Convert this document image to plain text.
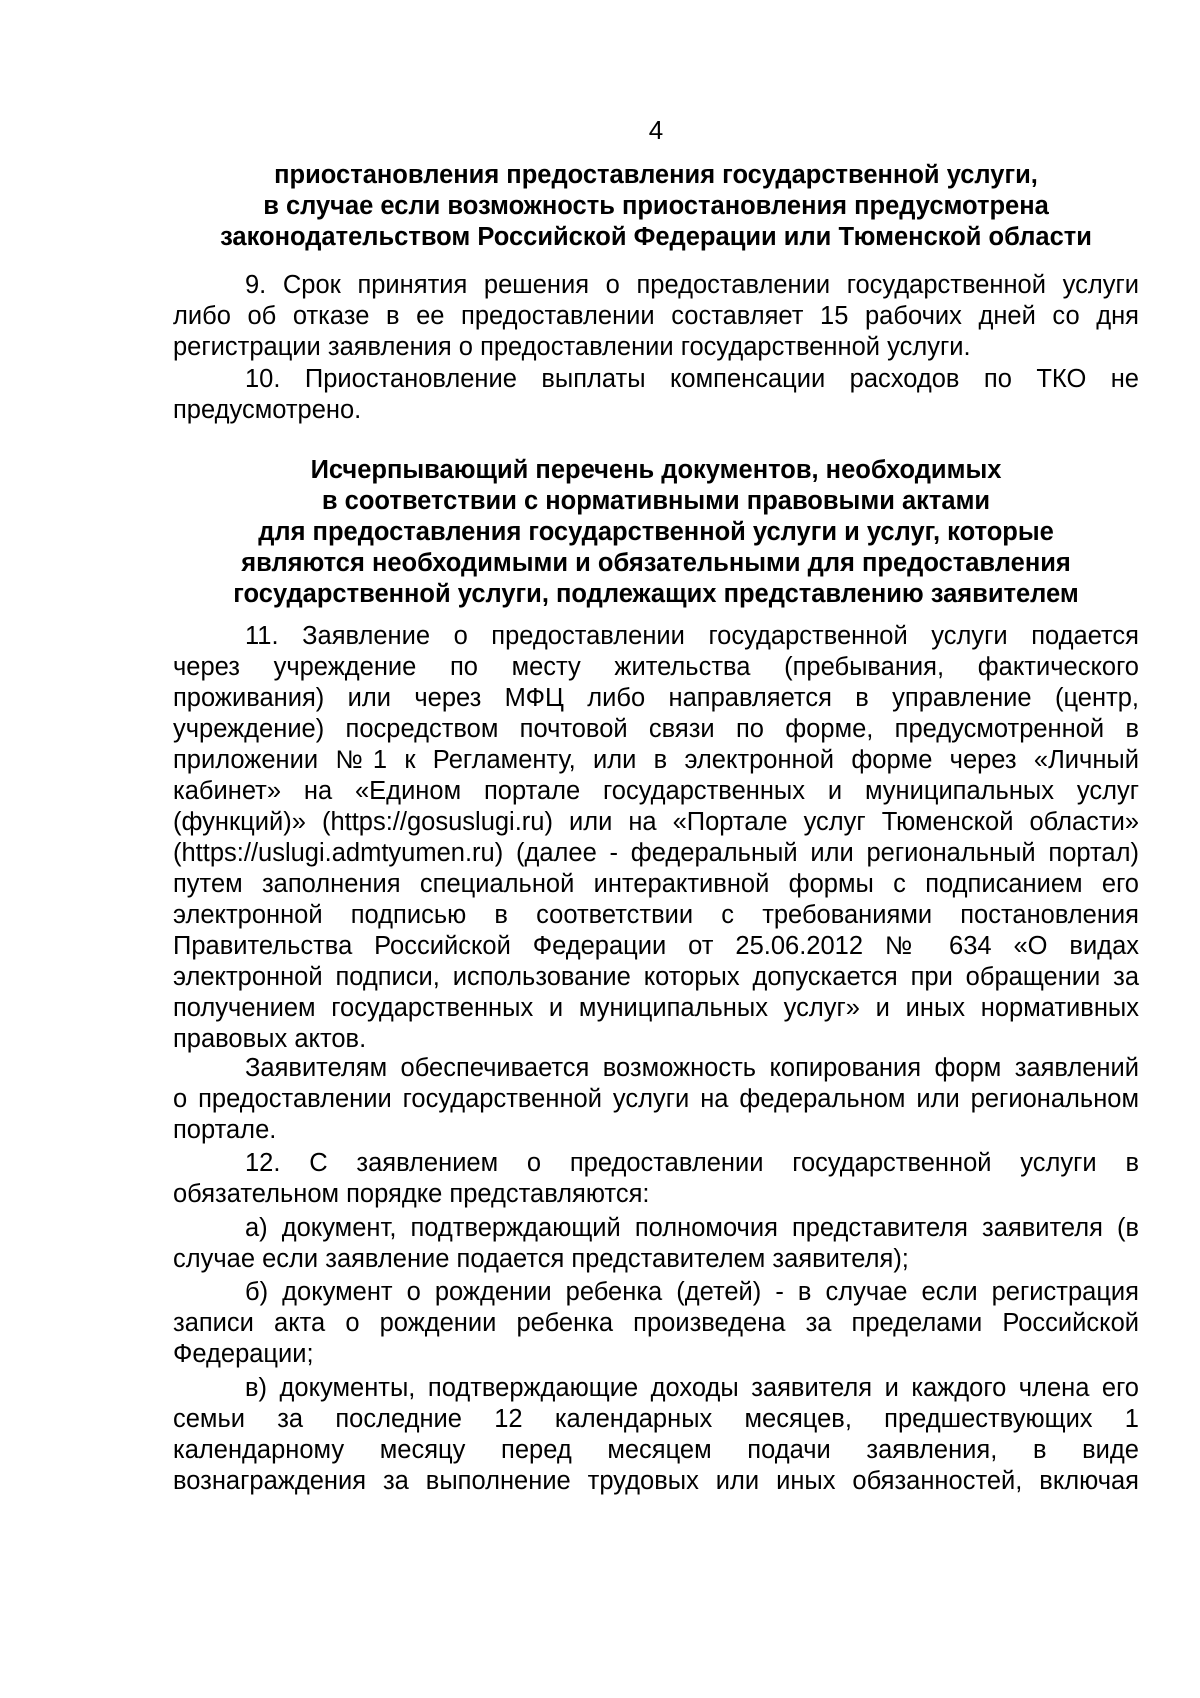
4
приостановления предоставления государственной услуги,
в случае если возможность приостановления предусмотрена
законодательством Российской Федерации или Тюменской области
9. Срок принятия решения о предоставлении государственной услуги
либо об отказе в ее предоставлении составляет 15 рабочих дней со дня
регистрации заявления о предоставлении государственной услуги.
10. Приостановление выплаты компенсации расходов по ТКО не
предусмотрено.
Исчерпывающий перечень документов, необходимых
в соответствии с нормативными правовыми актами
для предоставления государственной услуги и услуг, которые
являются необходимыми и обязательными для предоставления
государственной услуги, подлежащих представлению заявителем
11. Заявление о предоставлении государственной услуги подается
через учреждение по месту жительства (пребывания, фактического
проживания) или через МФЦ либо направляется в управление (центр,
учреждение) посредством почтовой связи по форме, предусмотренной в
приложении №1 к Регламенту, или в электронной форме через «Личный
кабинет» на «Едином портале государственных и муниципальных услуг
(функций)» (https://gosuslugi.ru) или на «Портале услуг Тюменской области»
(https://uslugi.admtyumen.ru) (далее - федеральный или региональный портал)
путем заполнения специальной интерактивной формы с подписанием его
электронной подписью в соответствии с требованиями постановления
Правительства Российской Федерации от 25.06.2012 № 634 «О видах
электронной подписи, использование которых допускается при обращении за
получением государственных и муниципальных услуг» и иных нормативных
правовых актов.
Заявителям обеспечивается возможность копирования форм заявлений
о предоставлении государственной услуги на федеральном или региональном
портале.
12. С заявлением о предоставлении государственной услуги в
обязательном порядке представляются:
а) документ, подтверждающий полномочия представителя заявителя (в
случае если заявление подается представителем заявителя);
б) документ о рождении ребенка (детей) - в случае если регистрация
записи акта о рождении ребенка произведена за пределами Российской
Федерации;
в) документы, подтверждающие доходы заявителя и каждого члена его
семьи за последние 12 календарных месяцев, предшествующих 1
календарному месяцу перед месяцем подачи заявления, в виде
вознаграждения за выполнение трудовых или иных обязанностей, включая
